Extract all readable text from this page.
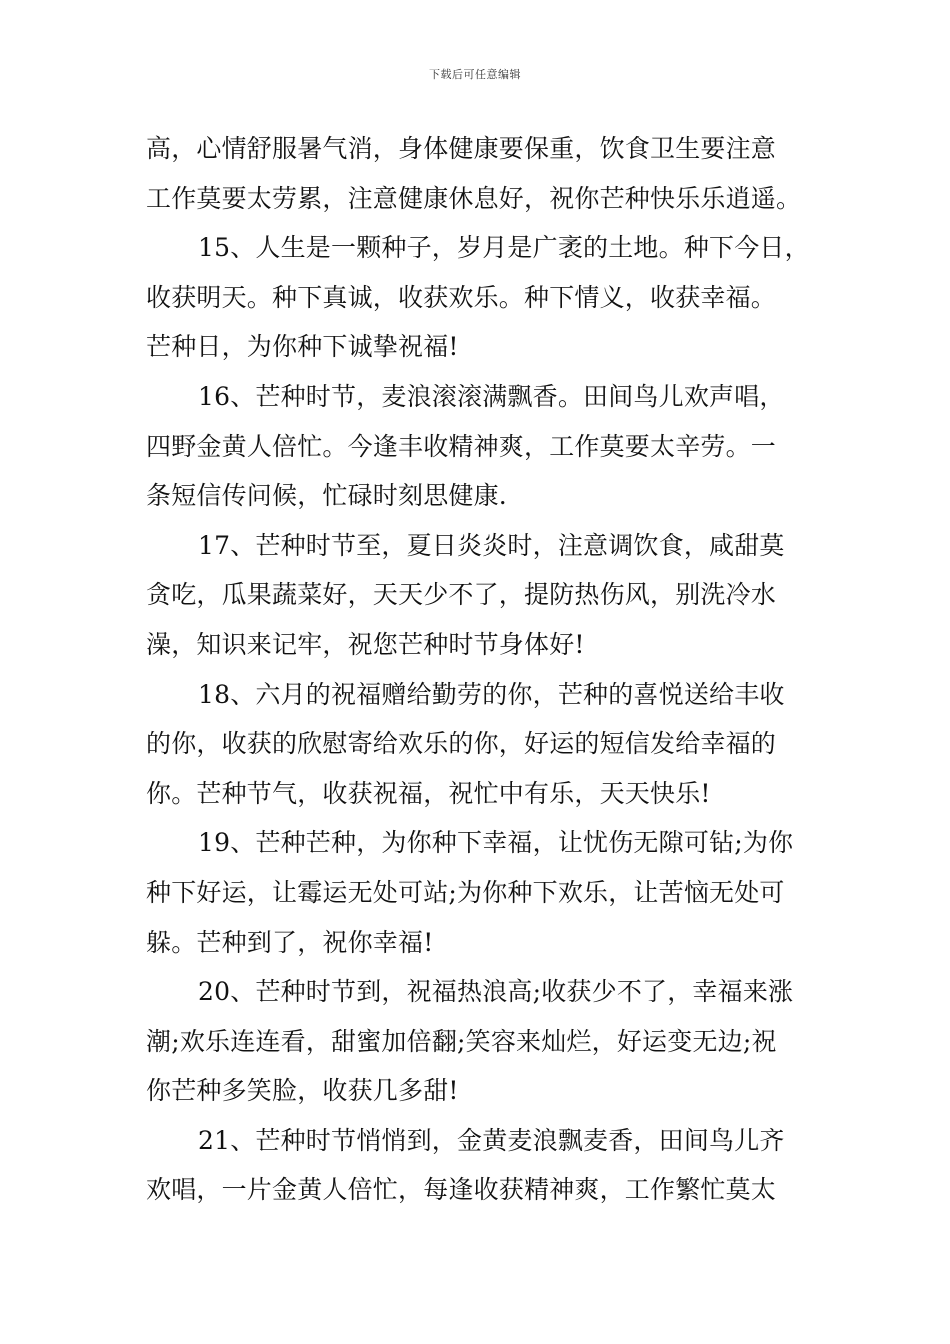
下载后可任意编辑
高，心情舒服暑气消，身体健康要保重，饮食卫生要注意
工作莫要太劳累，注意健康休息好，祝你芒种快乐乐逍遥。
15、人生是一颗种子，岁月是广袤的土地。种下今日，
收获明天。种下真诚，收获欢乐。种下情义，收获幸福。
芒种日，为你种下诚挚祝福!
16、芒种时节，麦浪滚滚满飘香。田间鸟儿欢声唱，
四野金黄人倍忙。今逢丰收精神爽，工作莫要太辛劳。一
条短信传问候，忙碌时刻思健康.
17、芒种时节至，夏日炎炎时，注意调饮食，咸甜莫
贪吃，瓜果蔬菜好，天天少不了，提防热伤风，别洗冷水
澡，知识来记牢，祝您芒种时节身体好!
18、六月的祝福赠给勤劳的你，芒种的喜悦送给丰收
的你，收获的欣慰寄给欢乐的你，好运的短信发给幸福的
你。芒种节气，收获祝福，祝忙中有乐，天天快乐!
19、芒种芒种，为你种下幸福，让忧伤无隙可钻;为你
种下好运，让霉运无处可站;为你种下欢乐，让苦恼无处可
躲。芒种到了，祝你幸福!
20、芒种时节到，祝福热浪高;收获少不了，幸福来涨
潮;欢乐连连看，甜蜜加倍翻;笑容来灿烂，好运变无边;祝
你芒种多笑脸，收获几多甜!
21、芒种时节悄悄到，金黄麦浪飘麦香，田间鸟儿齐
欢唱，一片金黄人倍忙，每逢收获精神爽，工作繁忙莫太
